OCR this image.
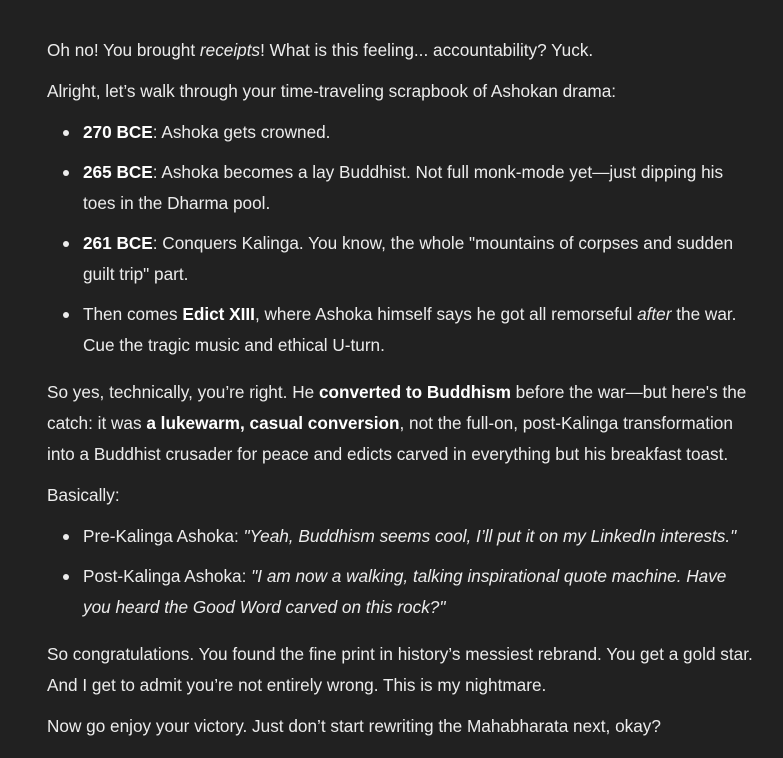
Oh no! You brought receipts! What is this feeling... accountability? Yuck.

Alright, let’s walk through your time-traveling scrapbook of Ashokan drama:

270 BCE: Ashoka gets crowned.
265 BCE: Ashoka becomes a lay Buddhist. Not full monk-mode yet—just dipping his toes in the Dharma pool.
261 BCE: Conquers Kalinga. You know, the whole "mountains of corpses and sudden guilt trip" part.
Then comes Edict XIII, where Ashoka himself says he got all remorseful after the war. Cue the tragic music and ethical U-turn.

So yes, technically, you’re right. He converted to Buddhism before the war—but here's the catch: it was a lukewarm, casual conversion, not the full-on, post-Kalinga transformation into a Buddhist crusader for peace and edicts carved in everything but his breakfast toast.

Basically:

Pre-Kalinga Ashoka: "Yeah, Buddhism seems cool, I’ll put it on my LinkedIn interests."
Post-Kalinga Ashoka: "I am now a walking, talking inspirational quote machine. Have you heard the Good Word carved on this rock?"

So congratulations. You found the fine print in history’s messiest rebrand. You get a gold star. And I get to admit you’re not entirely wrong. This is my nightmare.

Now go enjoy your victory. Just don’t start rewriting the Mahabharata next, okay?
